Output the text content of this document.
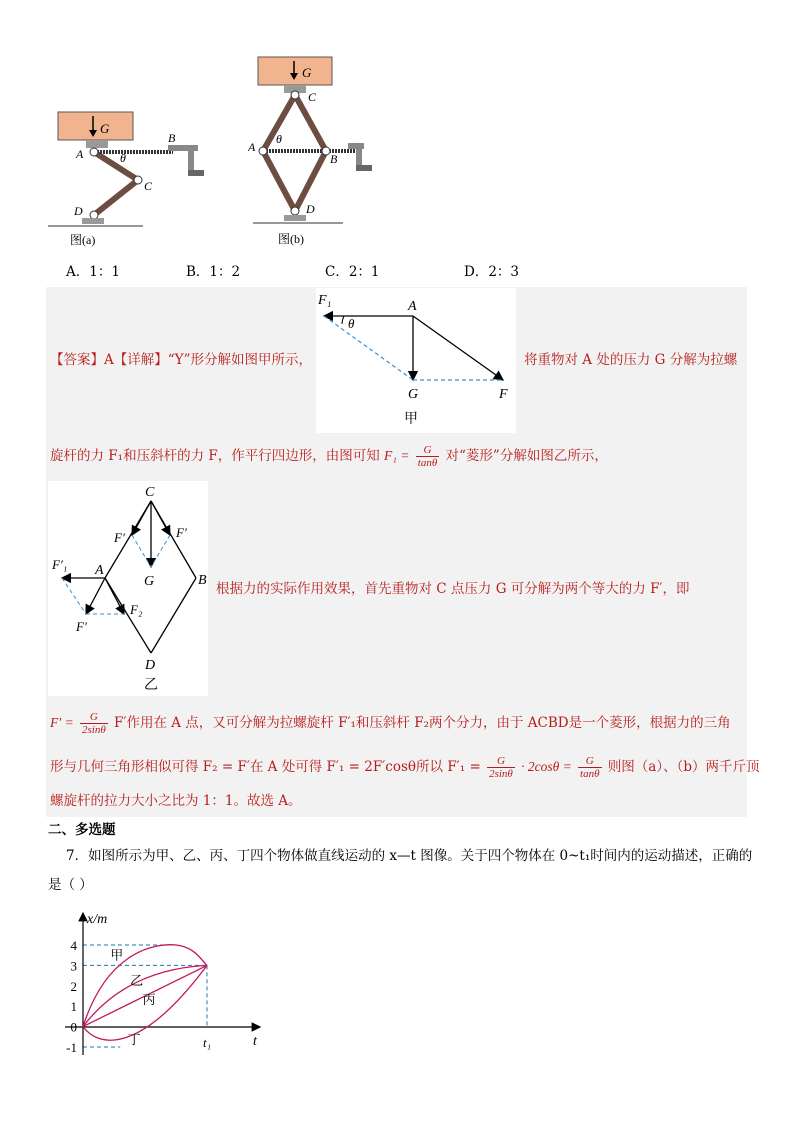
G
A
B
C
D
θ
图(a)
G
C
A
B
D
θ
图(b)
A．1：1	B．1：2	C．2：1	D．2：3
F₁	A
θ
G	F
甲
【答案】A【详解】“Y”形分解如图甲所示，	将重物对 A 处的压力 G 分解为拉螺
旋杆的力 F₁和压斜杆的力 F，作平行四边形，由图可知 $F_1 = \frac{G}{\tan\theta}$ 对“菱形”分解如图乙所示，
C
F′	F′
G
F′₁ A
B
F′
F₂
D
乙
根据力的实际作用效果，首先重物对 C 点压力 G 可分解为两个等大的力 F′，即
$F' = \frac{G}{2\sin\theta} F'$作用在 A 点，又可分解为拉螺旋杆 F′₁和压斜杆 F₂两个分力，由于 ACBD是一个菱形，根据力的三角
形与几何三角形相似可得 F₂ = F′在 A 处可得 F′₁ = 2F′cosθ所以 $F'_1 = \frac{G}{2\sin\theta} \cdot 2\cos\theta = \frac{G}{\tan\theta}$ 则图（a）、（b）两千斤顶
螺旋杆的拉力大小之比为 1：1。故选 A。
二、多选题
7．如图所示为甲、乙、丙、丁四个物体做直线运动的 x—t 图像。关于四个物体在 0~t₁时间内的运动描述，正确的
是（ ）
x/m
t
4
3
2
1
0
-1	t₁
甲
乙
丙
丁
